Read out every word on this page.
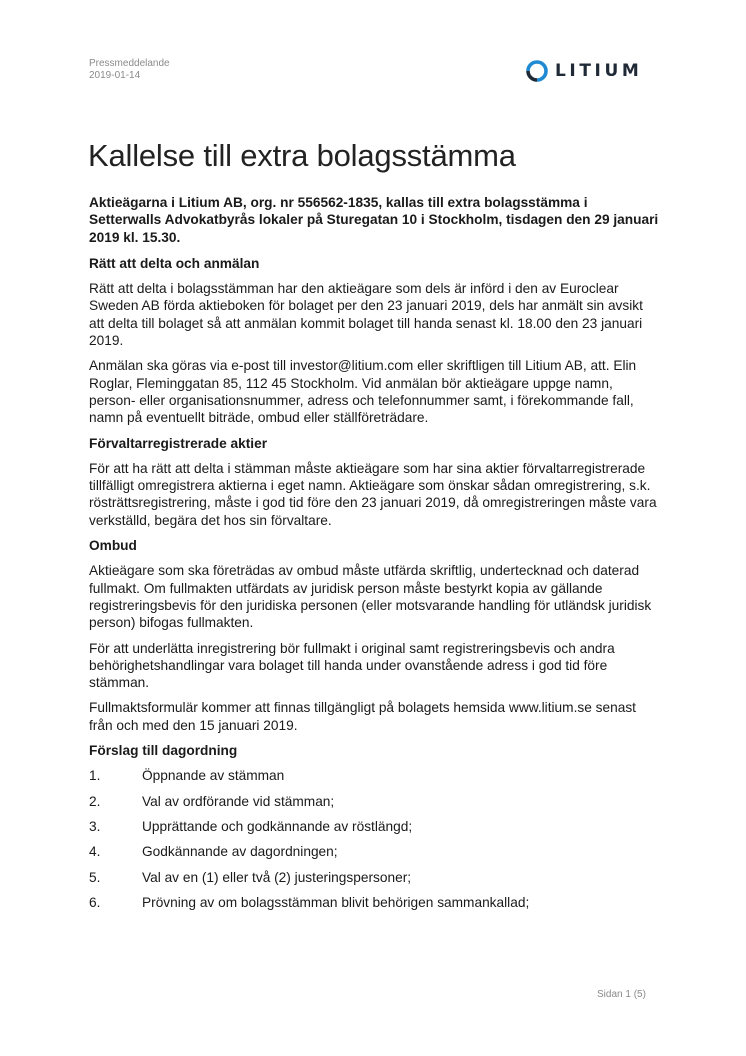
Pressmeddelande
2019-01-14	LITIUM
Kallelse till extra bolagsstämma

Aktieägarna i Litium AB, org. nr 556562-1835, kallas till extra bolagsstämma i Setterwalls Advokatbyrås lokaler på Sturegatan 10 i Stockholm, tisdagen den 29 januari 2019 kl. 15.30.

Rätt att delta och anmälan

Rätt att delta i bolagsstämman har den aktieägare som dels är införd i den av Euroclear Sweden AB förda aktieboken för bolaget per den 23 januari 2019, dels har anmält sin avsikt att delta till bolaget så att anmälan kommit bolaget till handa senast kl. 18.00 den 23 januari 2019.

Anmälan ska göras via e-post till investor@litium.com eller skriftligen till Litium AB, att. Elin Roglar, Fleminggatan 85, 112 45 Stockholm. Vid anmälan bör aktieägare uppge namn, person- eller organisationsnummer, adress och telefonnummer samt, i förekommande fall, namn på eventuellt biträde, ombud eller ställföreträdare.

Förvaltarregistrerade aktier

För att ha rätt att delta i stämman måste aktieägare som har sina aktier förvaltarregistrerade tillfälligt omregistrera aktierna i eget namn. Aktieägare som önskar sådan omregistrering, s.k. rösträttsregistrering, måste i god tid före den 23 januari 2019, då omregistreringen måste vara verkställd, begära det hos sin förvaltare.

Ombud

Aktieägare som ska företrädas av ombud måste utfärda skriftlig, undertecknad och daterad fullmakt. Om fullmakten utfärdats av juridisk person måste bestyrkt kopia av gällande registreringsbevis för den juridiska personen (eller motsvarande handling för utländsk juridisk person) bifogas fullmakten.

För att underlätta inregistrering bör fullmakt i original samt registreringsbevis och andra behörighetshandlingar vara bolaget till handa under ovanstående adress i god tid före stämman.

Fullmaktsformulär kommer att finnas tillgängligt på bolagets hemsida www.litium.se senast från och med den 15 januari 2019.

Förslag till dagordning
1.	Öppnande av stämman
2.	Val av ordförande vid stämman;
3.	Upprättande och godkännande av röstlängd;
4.	Godkännande av dagordningen;
5.	Val av en (1) eller två (2) justeringspersoner;
6.	Prövning av om bolagsstämman blivit behörigen sammankallad;
Sidan 1 (5)
